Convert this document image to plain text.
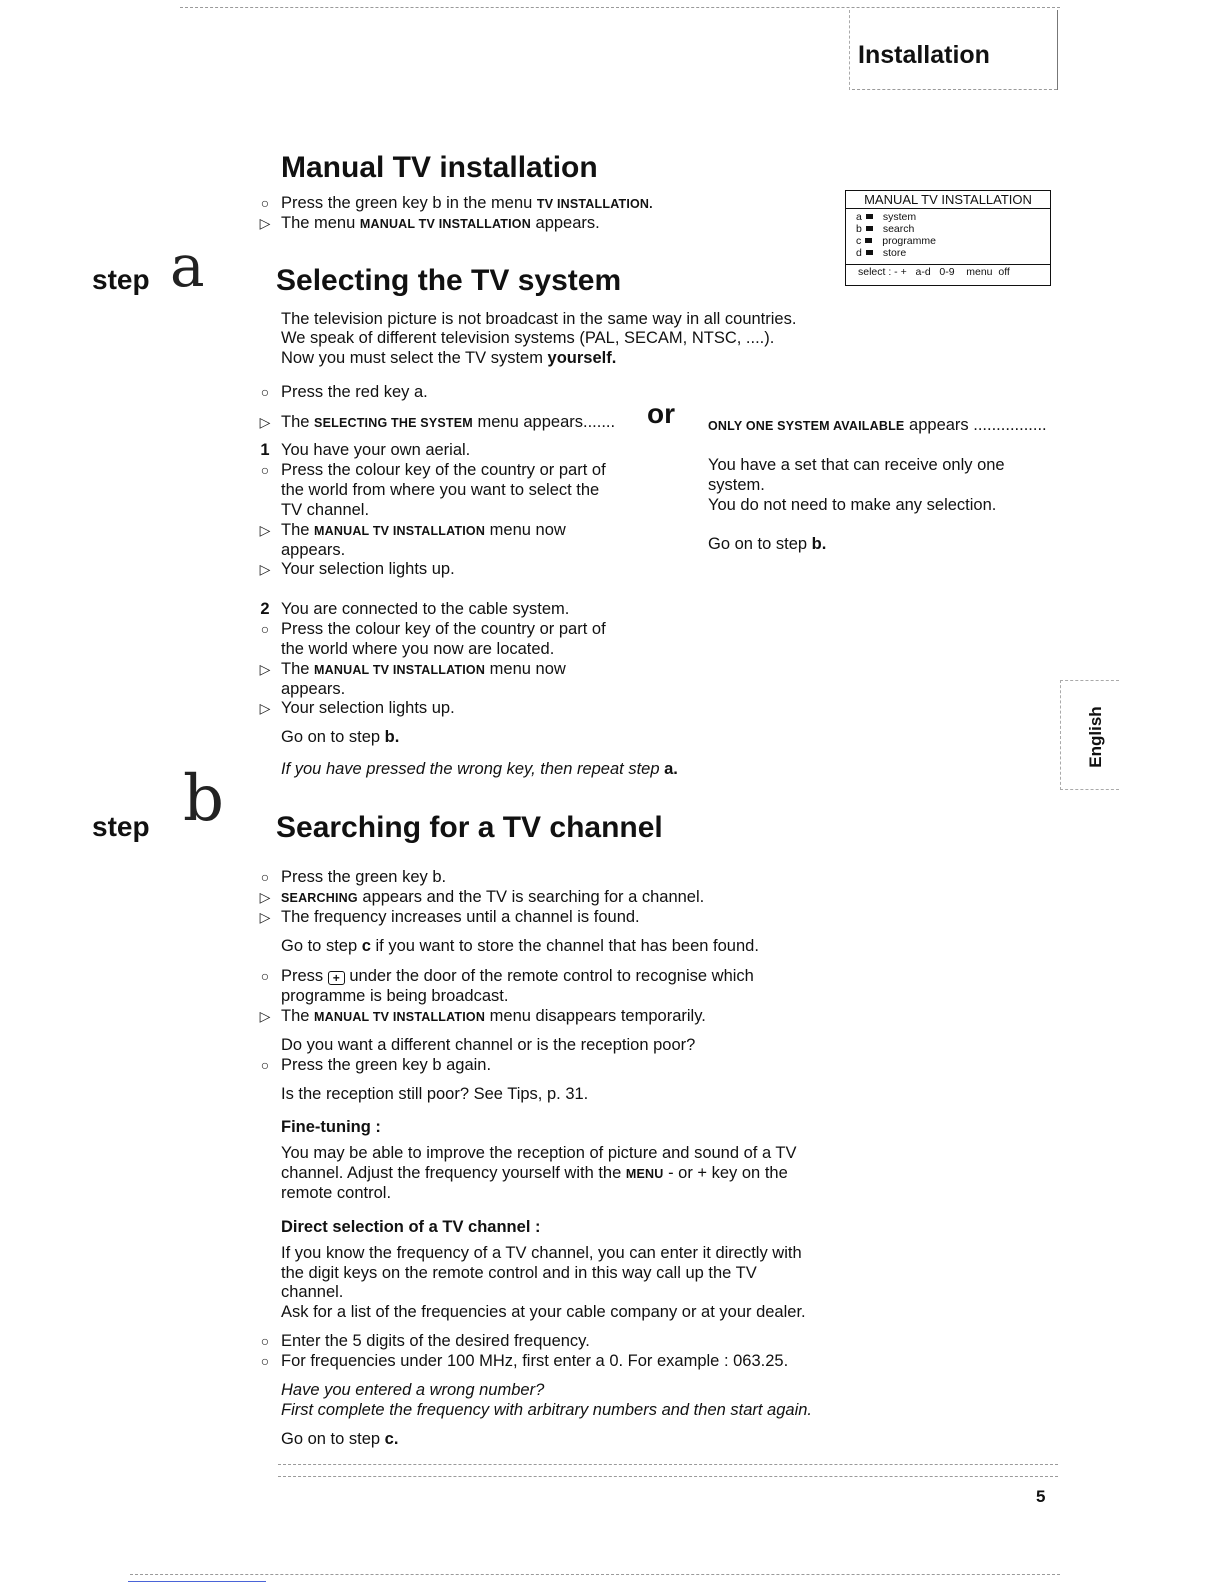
Installation
Manual TV installation
○ Press the green key b in the menu TV INSTALLATION.
▷ The menu MANUAL TV INSTALLATION appears.
MANUAL TV INSTALLATION
a system
b search
c programme
d store
select : - +   a-d   0-9    menu  off
step a Selecting the TV system
The television picture is not broadcast in the same way in all countries.
We speak of different television systems (PAL, SECAM, NTSC, ....).
Now you must select the TV system yourself.
○ Press the red key a.
▷ The SELECTING THE SYSTEM menu appears....... or	ONLY ONE SYSTEM AVAILABLE appears ................
1 You have your own aerial.
○ Press the colour key of the country or part of
the world from where you want to select the
TV channel.
▷ The MANUAL TV INSTALLATION menu now
appears.
▷ Your selection lights up.
You have a set that can receive only one
system.
You do not need to make any selection.
Go on to step b.
2 You are connected to the cable system.
○ Press the colour key of the country or part of
the world where you now are located.
▷ The MANUAL TV INSTALLATION menu now
appears.
▷ Your selection lights up.
Go on to step b.
If you have pressed the wrong key, then repeat step a.
English
step b Searching for a TV channel
○ Press the green key b.
▷ SEARCHING appears and the TV is searching for a channel.
▷ The frequency increases until a channel is found.
Go to step c if you want to store the channel that has been found.
○ Press + under the door of the remote control to recognise which
programme is being broadcast.
▷ The MANUAL TV INSTALLATION menu disappears temporarily.
Do you want a different channel or is the reception poor?
○ Press the green key b again.
Is the reception still poor? See Tips, p. 31.
Fine-tuning :
You may be able to improve the reception of picture and sound of a TV
channel. Adjust the frequency yourself with the MENU - or + key on the
remote control.
Direct selection of a TV channel :
If you know the frequency of a TV channel, you can enter it directly with
the digit keys on the remote control and in this way call up the TV
channel.
Ask for a list of the frequencies at your cable company or at your dealer.
○ Enter the 5 digits of the desired frequency.
○ For frequencies under 100 MHz, first enter a 0. For example : 063.25.
Have you entered a wrong number?
First complete the frequency with arbitrary numbers and then start again.
Go on to step c.
5
